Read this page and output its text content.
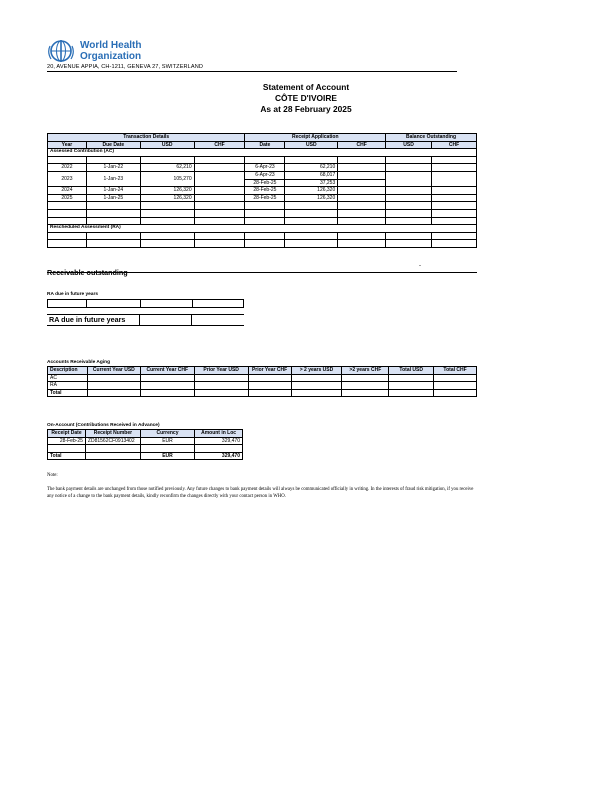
World Health
Organization
20, AVENUE APPIA, CH-1211, GENEVA 27, SWITZERLAND
Statement of Account
CÔTE D'IVOIRE
As at 28 February 2025
Transaction Details				Receipt Application			Balance Outstanding	
Year	Due Date	USD	CHF	Date	USD	CHF	USD	CHF
Assessed Contribution (AC)								

2022	1-Jan-22	62,210		6-Apr-23	62,210			
2023	1-Jan-23	105,270		6-Apr-23	68,017			
				28-Feb-25	37,253			
2024	1-Jan-24	126,320		28-Feb-25	126,320			
2025	1-Jan-25	126,320		28-Feb-25	126,320			

Rescheduled Assessment (RA)								

Receivable outstanding
-
RA due in future years

RA due in future years		
Accounts Receivable Aging
Description	Current Year USD	Current Year CHF	Prior Year USD	Prior Year CHF	> 2 years USD	>2 years CHF	Total USD	Total CHF
AC								
RA								
Total								
On-Account (Contributions Received in Advance)
Receipt Date	Receipt Number	Currency	Amount in Loc
28-Feb-25	ZD81562CF0913402	EUR	329,470

Total		EUR	329,470
Note:
The bank payment details are unchanged from those notified previously. Any future changes to bank payment details will always be communicated officially in writing. In the interests of fraud risk mitigation, if you receive any notice of a change to the bank payment details, kindly reconfirm the changes directly with your contact person in WHO.
